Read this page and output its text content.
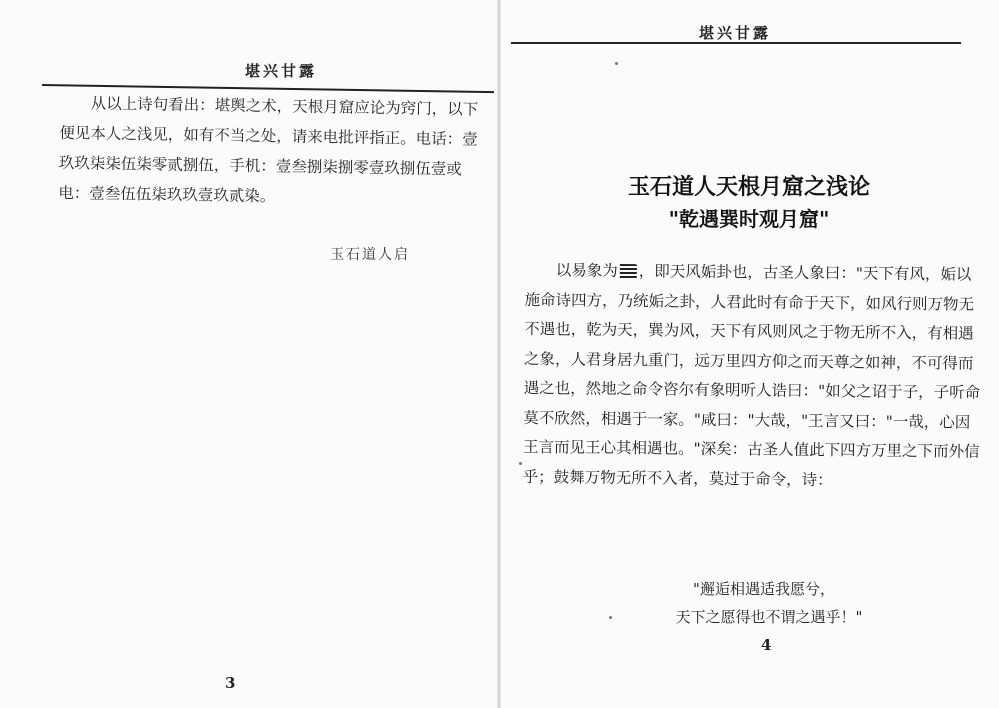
堪兴甘露
从以上诗句看出：堪舆之术，天根月窟应论为窍门，以下便见本人之浅见，如有不当之处，请来电批评指正。电话：壹玖玖柒柒伍柒零贰捌伍，手机：壹叁捌柒捌零壹玖捌伍壹或电：壹叁伍伍柒玖玖壹玖贰染。
玉石道人启
3
堪兴甘露
玉石道人天根月窟之浅论
"乾遇巽时观月窟"
以易象为 ，即天风姤卦也，古圣人象曰："天下有风，姤以施命诗四方，乃统姤之卦，人君此时有命于天下，如风行则万物无不遇也，乾为天，巽为风，天下有风则风之于物无所不入，有相遇之象，人君身居九重门，远万里四方仰之而天尊之如神，不可得而遇之也，然地之命令咨尔有象明听人诰曰："如父之诏于子，子听命莫不欣然，相遇于一家。"咸曰："大哉，"王言又曰："一哉，心因王言而见王心其相遇也。"深矣：古圣人值此下四方万里之下而外信乎；鼓舞万物无所不入者，莫过于命令，诗：
"邂逅相遇适我愿兮，
天下之愿得也不谓之遇乎！"
4
